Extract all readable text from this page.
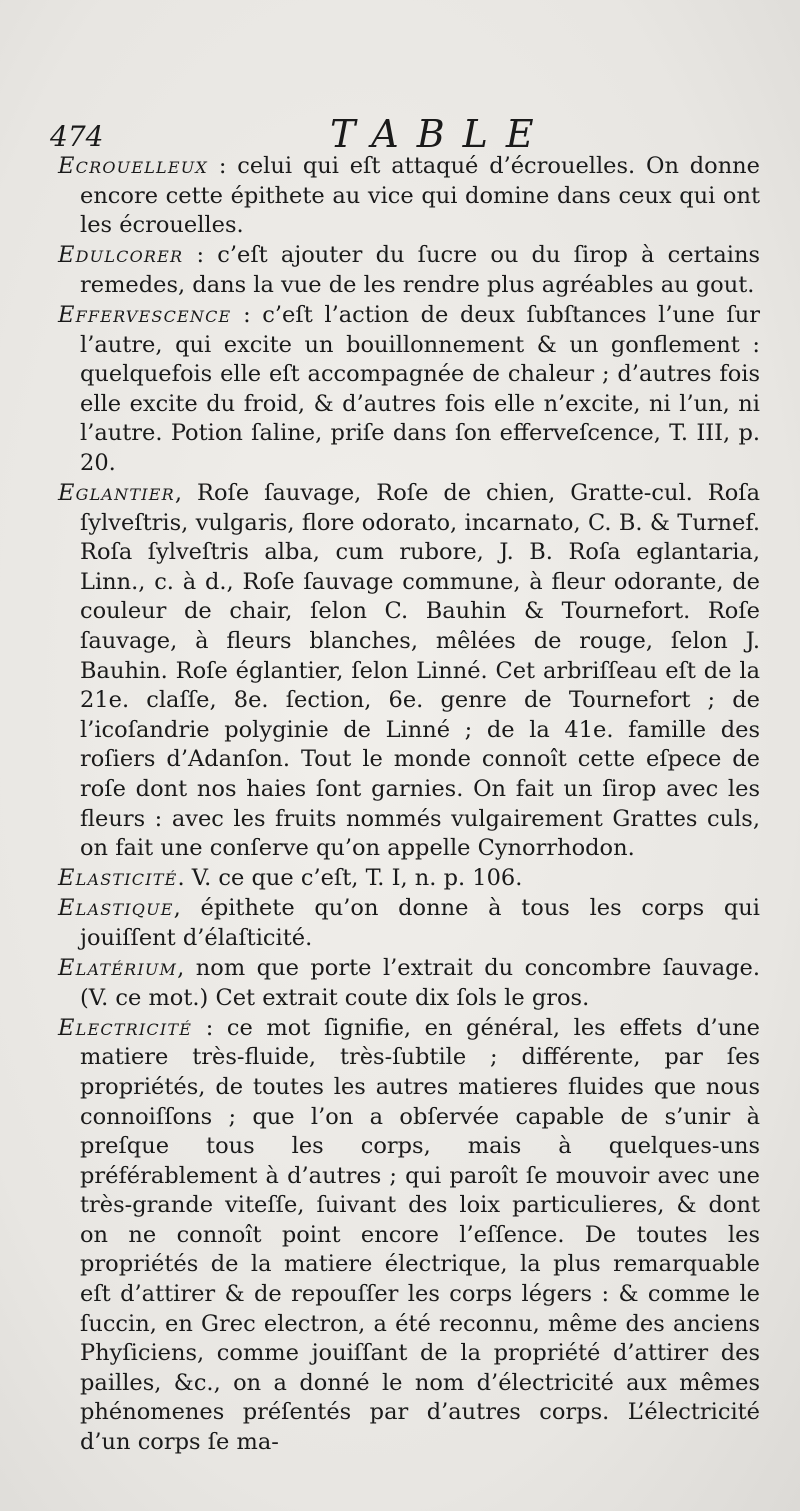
474	TABLE

Ecrouelleux : celui qui eſt attaqué d’écrouelles. On donne encore cette épithete au vice qui domine dans ceux qui ont les écrouelles.

Edulcorer : c’eſt ajouter du ſucre ou du ſirop à certains remedes, dans la vue de les rendre plus agréables au gout.

Effervescence : c’eſt l’action de deux ſubſtances l’une ſur l’autre, qui excite un bouillonnement & un gonflement : quelquefois elle eſt accompagnée de chaleur ; d’autres fois elle excite du froid, & d’autres fois elle n’excite, ni l’un, ni l’autre. Potion ſaline, priſe dans ſon efferveſcence, T. III, p. 20.

Eglantier, Roſe ſauvage, Roſe de chien, Gratte-cul. Roſa ſylveſtris, vulgaris, flore odorato, incarnato, C. B. & Turnef. Roſa ſylveſtris alba, cum rubore, J. B. Roſa eglantaria, Linn., c. à d., Roſe ſauvage commune, à fleur odorante, de couleur de chair, ſelon C. Bauhin & Tournefort. Roſe ſauvage, à fleurs blanches, mêlées de rouge, ſelon J. Bauhin. Roſe églantier, ſelon Linné. Cet arbriſſeau eſt de la 21e. claſſe, 8e. ſection, 6e. genre de Tournefort ; de l’icoſandrie polyginie de Linné ; de la 41e. famille des roſiers d’Adanſon. Tout le monde connoît cette eſpece de roſe dont nos haies ſont garnies. On fait un ſirop avec les fleurs : avec les fruits nommés vulgairement Grattes culs, on fait une conſerve qu’on appelle Cynorrhodon.

Elasticité. V. ce que c’eſt, T. I, n. p. 106.

Elastique, épithete qu’on donne à tous les corps qui jouiſſent d’élaſticité.

Elatérium, nom que porte l’extrait du concombre ſauvage. (V. ce mot.) Cet extrait coute dix ſols le gros.

Electricité : ce mot ſignifie, en général, les effets d’une matiere très-fluide, très-ſubtile ; différente, par ſes propriétés, de toutes les autres matieres fluides que nous connoiſſons ; que l’on a obſervée capable de s’unir à preſque tous les corps, mais à quelques-uns préférablement à d’autres ; qui paroît ſe mouvoir avec une très-grande viteſſe, ſuivant des loix particulieres, & dont on ne connoît point encore l’eſſence. De toutes les propriétés de la matiere électrique, la plus remarquable eſt d’attirer & de repouſſer les corps légers : & comme le ſuccin, en Grec electron, a été reconnu, même des anciens Phyſiciens, comme jouiſſant de la propriété d’attirer des pailles, &c., on a donné le nom d’électricité aux mêmes phénomenes préſentés par d’autres corps. L’électricité d’un corps ſe ma-
